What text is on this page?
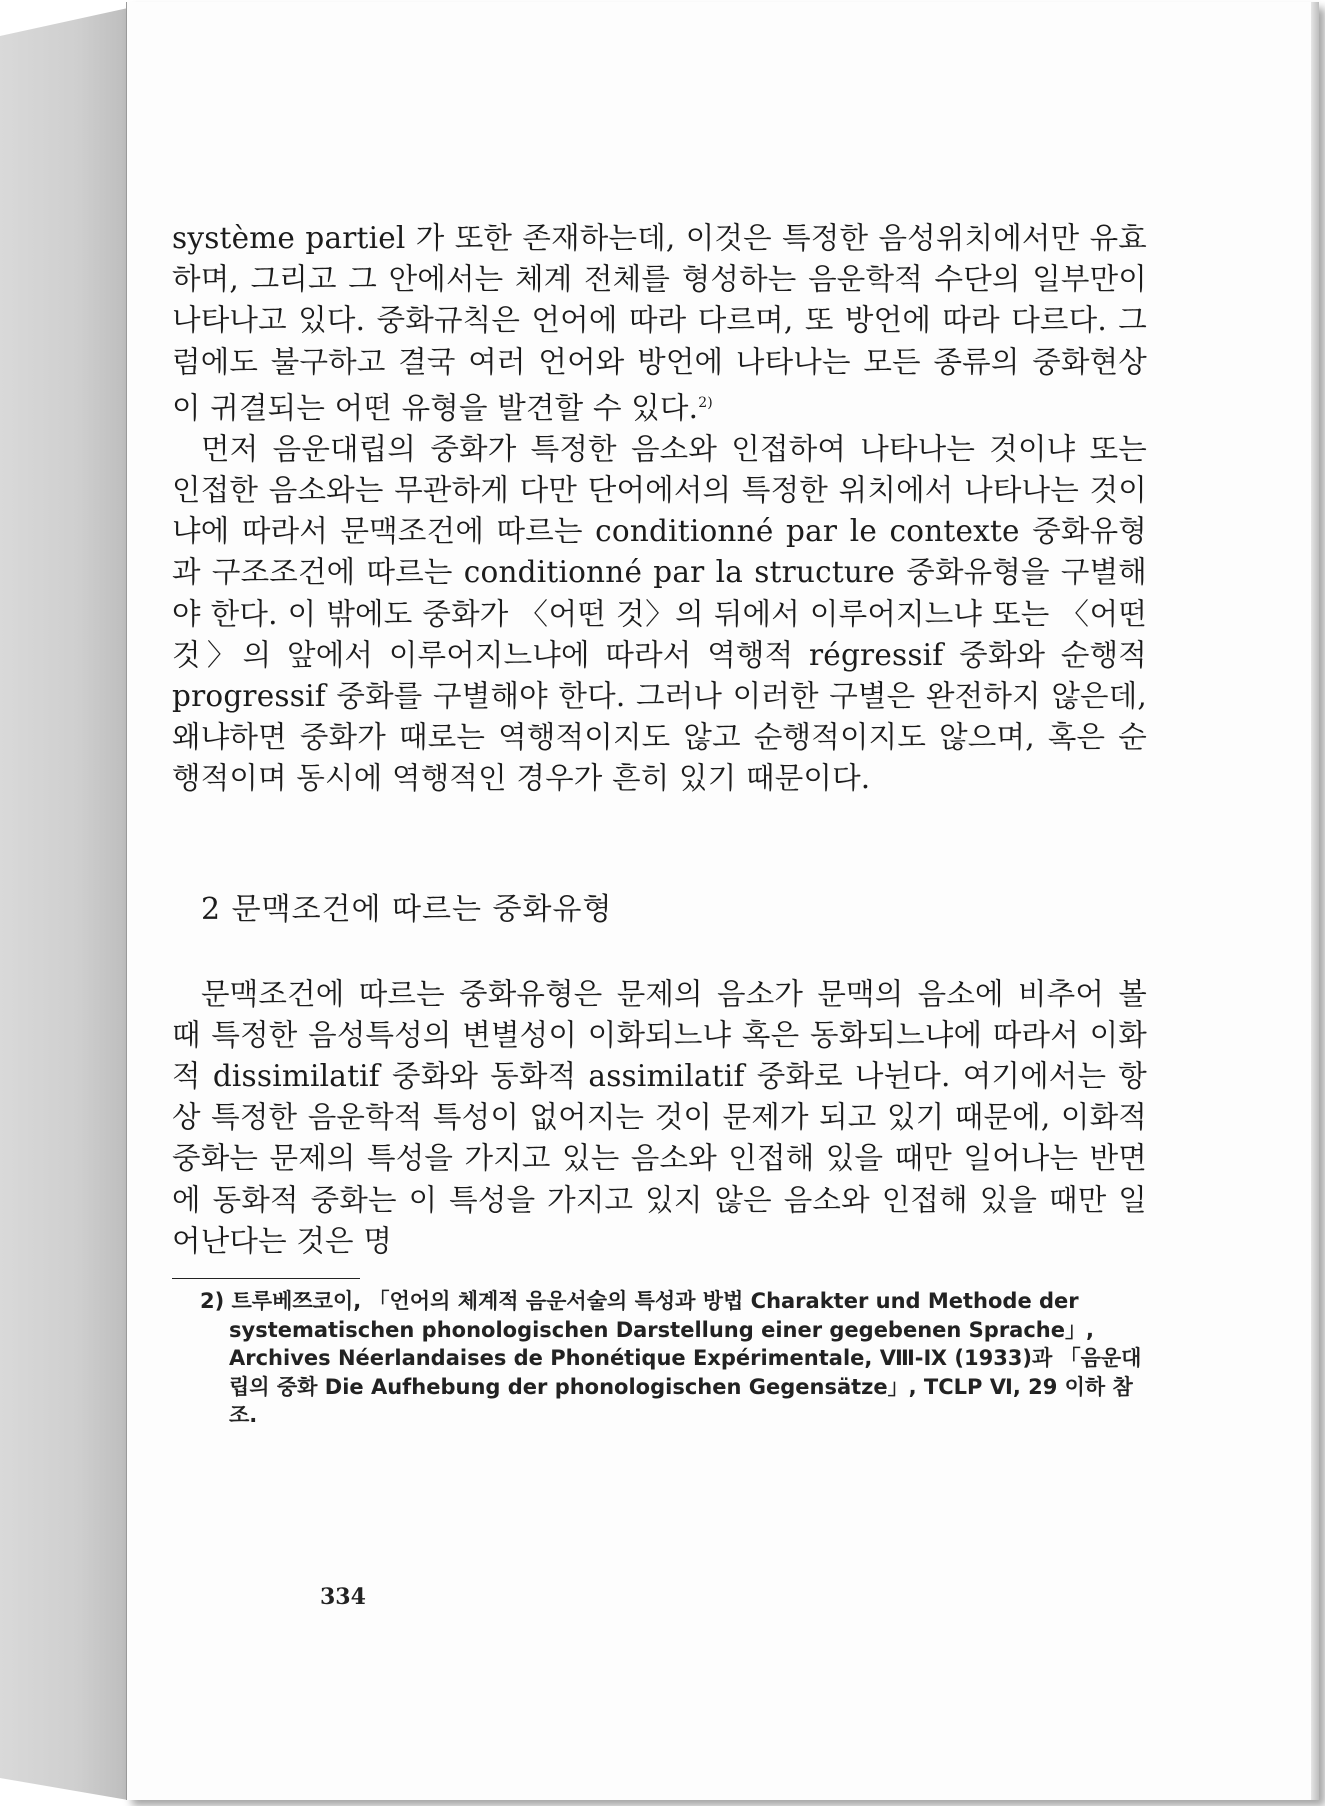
système partiel 가 또한 존재하는데, 이것은 특정한 음성위치에서만 유효하며, 그리고 그 안에서는 체계 전체를 형성하는 음운학적 수단의 일부만이 나타나고 있다. 중화규칙은 언어에 따라 다르며, 또 방언에 따라 다르다. 그럼에도 불구하고 결국 여러 언어와 방언에 나타나는 모든 종류의 중화현상이 귀결되는 어떤 유형을 발견할 수 있다.$^{2)}$

먼저 음운대립의 중화가 특정한 음소와 인접하여 나타나는 것이냐 또는 인접한 음소와는 무관하게 다만 단어에서의 특정한 위치에서 나타나는 것이냐에 따라서 문맥조건에 따르는 conditionné par le contexte 중화유형과 구조조건에 따르는 conditionné par la structure 중화유형을 구별해야 한다. 이 밖에도 중화가 〈어떤 것〉의 뒤에서 이루어지느냐 또는 〈어떤 것〉의 앞에서 이루어지느냐에 따라서 역행적 régressif 중화와 순행적 progressif 중화를 구별해야 한다. 그러나 이러한 구별은 완전하지 않은데, 왜냐하면 중화가 때로는 역행적이지도 않고 순행적이지도 않으며, 혹은 순행적이며 동시에 역행적인 경우가 흔히 있기 때문이다.

2 문맥조건에 따르는 중화유형

문맥조건에 따르는 중화유형은 문제의 음소가 문맥의 음소에 비추어 볼 때 특정한 음성특성의 변별성이 이화되느냐 혹은 동화되느냐에 따라서 이화적 dissimilatif 중화와 동화적 assimilatif 중화로 나뉜다. 여기에서는 항상 특정한 음운학적 특성이 없어지는 것이 문제가 되고 있기 때문에, 이화적 중화는 문제의 특성을 가지고 있는 음소와 인접해 있을 때만 일어나는 반면에 동화적 중화는 이 특성을 가지고 있지 않은 음소와 인접해 있을 때만 일어난다는 것은 명

2) 트루베쯔코이, 「언어의 체계적 음운서술의 특성과 방법 Charakter und Methode der systematischen phonologischen Darstellung einer gegebenen Sprache」, Archives Néerlandaises de Phonétique Expérimentale, Ⅷ-Ⅸ (1933)과 「음운대립의 중화 Die Aufhebung der phonologischen Gegensätze」, TCLP Ⅵ, 29 이하 참조.

334
